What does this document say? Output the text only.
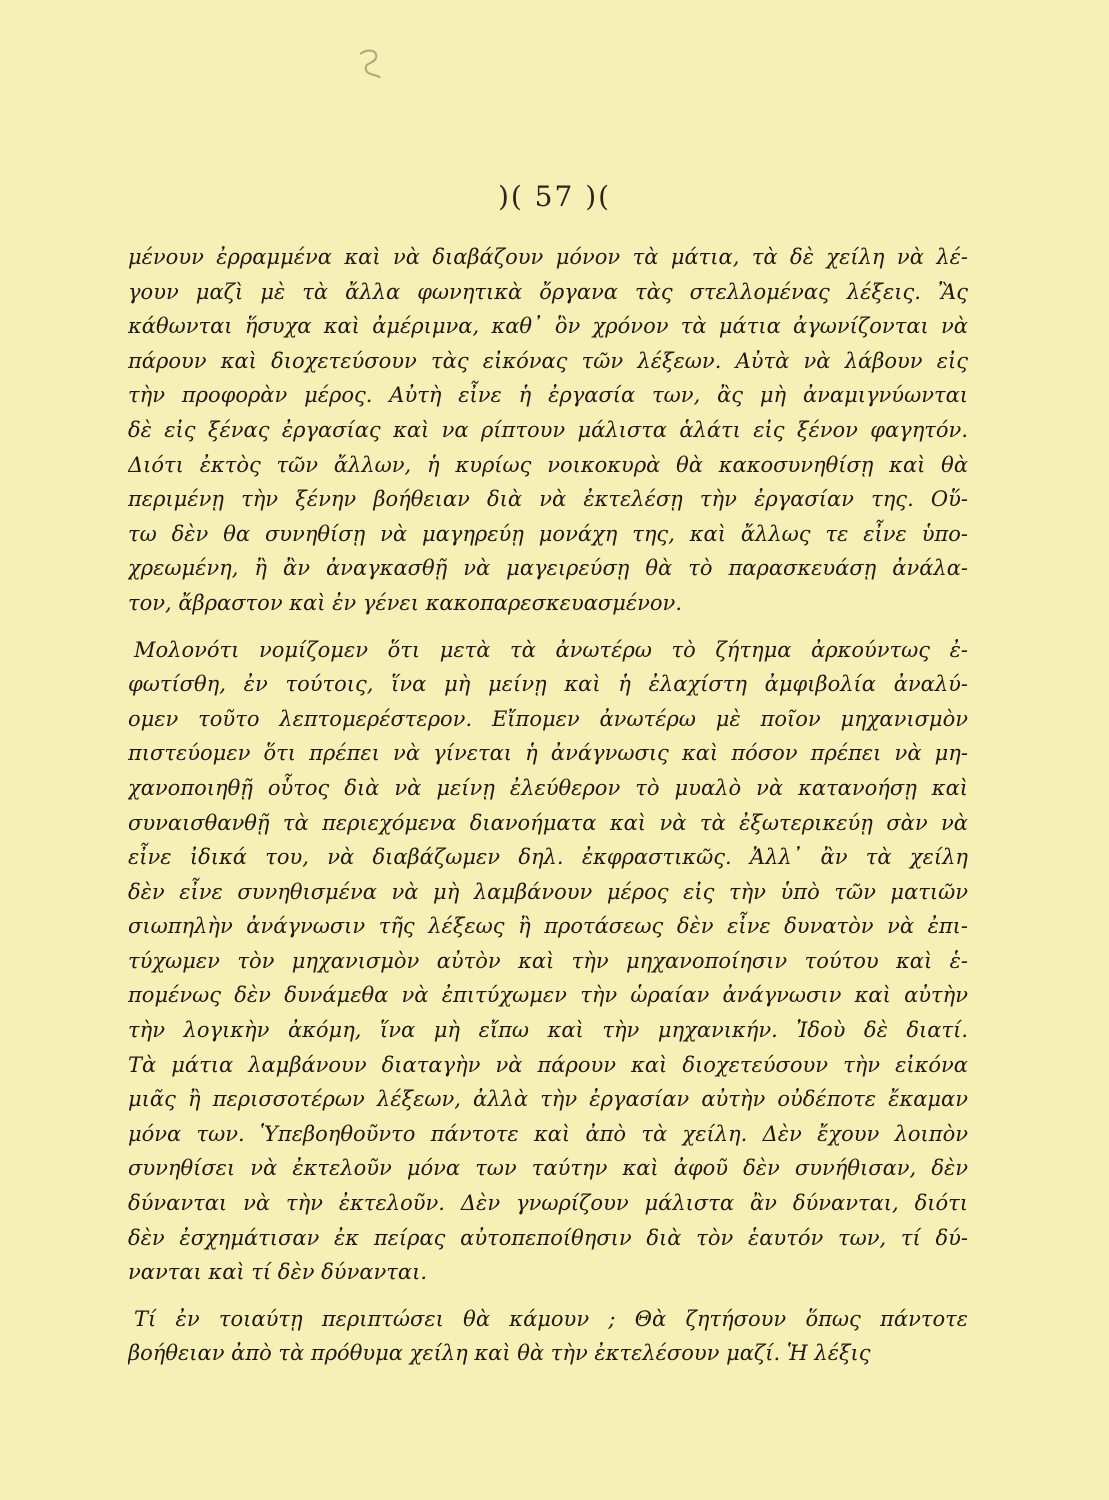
)( 57 )(
μένουν ἐρραμμένα καὶ νὰ διαβάζουν μόνον τὰ μάτια, τὰ δὲ χείλη νὰ λέ-
γουν μαζὶ μὲ τὰ ἄλλα φωνητικὰ ὄργανα τὰς στελλομένας λέξεις. Ἂς
κάθωνται ἥσυχα καὶ ἀμέριμνα, καθ᾽ ὃν χρόνον τὰ μάτια ἀγωνίζονται νὰ
πάρουν καὶ διοχετεύσουν τὰς εἰκόνας τῶν λέξεων. Αὐτὰ νὰ λάβουν εἰς
τὴν προφορὰν μέρος. Αὐτὴ εἶνε ἡ ἐργασία των, ἂς μὴ ἀναμιγνύωνται
δὲ εἰς ξένας ἐργασίας καὶ να ρίπτουν μάλιστα ἁλάτι εἰς ξένον φαγητόν.
Διότι ἐκτὸς τῶν ἄλλων, ἡ κυρίως νοικοκυρὰ θὰ κακοσυνηθίσῃ καὶ θὰ
περιμένῃ τὴν ξένην βοήθειαν διὰ νὰ ἐκτελέσῃ τὴν ἐργασίαν της. Οὕ-
τω δὲν θα συνηθίσῃ νὰ μαγηρεύῃ μονάχη της, καὶ ἄλλως τε εἶνε ὑπο-
χρεωμένη, ἢ ἂν ἀναγκασθῇ νὰ μαγειρεύσῃ θὰ τὸ παρασκευάσῃ ἀνάλα-
τον, ἄβραστον καὶ ἐν γένει κακοπαρεσκευασμένον.
Μολονότι νομίζομεν ὅτι μετὰ τὰ ἀνωτέρω τὸ ζήτημα ἀρκούντως ἐ-
φωτίσθη, ἐν τούτοις, ἵνα μὴ μείνῃ καὶ ἡ ἐλαχίστη ἀμφιβολία ἀναλύ-
ομεν τοῦτο λεπτομερέστερον. Εἴπομεν ἀνωτέρω μὲ ποῖον μηχανισμὸν
πιστεύομεν ὅτι πρέπει νὰ γίνεται ἡ ἀνάγνωσις καὶ πόσον πρέπει νὰ μη-
χανοποιηθῇ οὗτος διὰ νὰ μείνῃ ἐλεύθερον τὸ μυαλὸ νὰ κατανοήσῃ καὶ
συναισθανθῇ τὰ περιεχόμενα διανοήματα καὶ νὰ τὰ ἐξωτερικεύῃ σὰν νὰ
εἶνε ἰδικά του, νὰ διαβάζωμεν δηλ. ἐκφραστικῶς. Ἀλλ᾽ ἂν τὰ χείλη
δὲν εἶνε συνηθισμένα νὰ μὴ λαμβάνουν μέρος εἰς τὴν ὑπὸ τῶν ματιῶν
σιωπηλὴν ἀνάγνωσιν τῆς λέξεως ἢ προτάσεως δὲν εἶνε δυνατὸν νὰ ἐπι-
τύχωμεν τὸν μηχανισμὸν αὐτὸν καὶ τὴν μηχανοποίησιν τούτου καὶ ἑ-
πομένως δὲν δυνάμεθα νὰ ἐπιτύχωμεν τὴν ὡραίαν ἀνάγνωσιν καὶ αὐτὴν
τὴν λογικὴν ἀκόμη, ἵνα μὴ εἴπω καὶ τὴν μηχανικήν. Ἰδοὺ δὲ διατί.
Τὰ μάτια λαμβάνουν διαταγὴν νὰ πάρουν καὶ διοχετεύσουν τὴν εἰκόνα
μιᾶς ἢ περισσοτέρων λέξεων, ἀλλὰ τὴν ἐργασίαν αὐτὴν οὐδέποτε ἔκαμαν
μόνα των. Ὑπεβοηθοῦντο πάντοτε καὶ ἀπὸ τὰ χείλη. Δὲν ἔχουν λοιπὸν
συνηθίσει νὰ ἐκτελοῦν μόνα των ταύτην καὶ ἀφοῦ δὲν συνήθισαν, δὲν
δύνανται νὰ τὴν ἐκτελοῦν. Δὲν γνωρίζουν μάλιστα ἂν δύνανται, διότι
δὲν ἐσχημάτισαν ἐκ πείρας αὐτοπεποίθησιν διὰ τὸν ἑαυτόν των, τί δύ-
νανται καὶ τί δὲν δύνανται.
Τί ἐν τοιαύτῃ περιπτώσει θὰ κάμουν ; Θὰ ζητήσουν ὅπως πάντοτε
βοήθειαν ἀπὸ τὰ πρόθυμα χείλη καὶ θὰ τὴν ἐκτελέσουν μαζί. Ἡ λέξις
